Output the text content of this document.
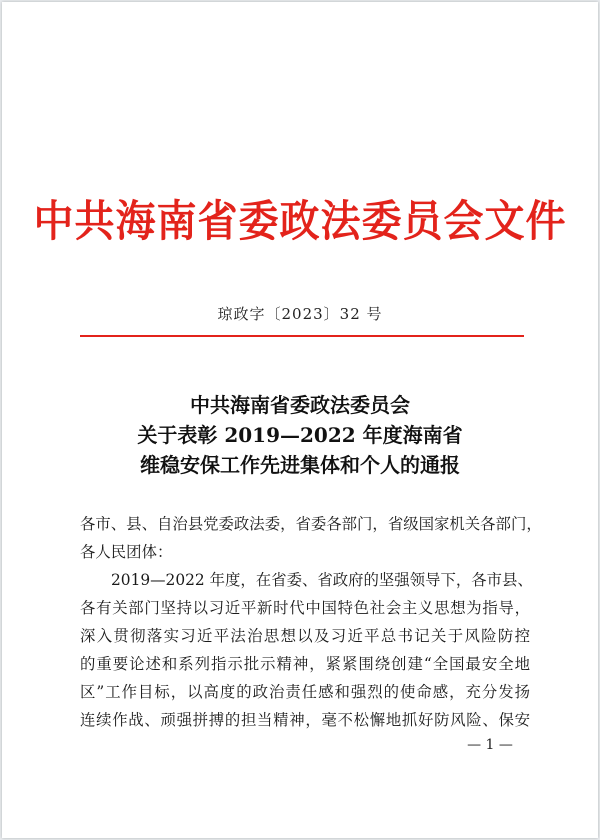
中共海南省委政法委员会文件
琼政字〔2023〕32 号
中共海南省委政法委员会
关于表彰 2019—2022 年度海南省
维稳安保工作先进集体和个人的通报
各市、县、自治县党委政法委，省委各部门，省级国家机关各部门，
各人民团体：
2019—2022 年度，在省委、省政府的坚强领导下，各市县、
各有关部门坚持以习近平新时代中国特色社会主义思想为指导，
深入贯彻落实习近平法治思想以及习近平总书记关于风险防控
的重要论述和系列指示批示精神，紧紧围绕创建“全国最安全地
区”工作目标，以高度的政治责任感和强烈的使命感，充分发扬
连续作战、顽强拼搏的担当精神，毫不松懈地抓好防风险、保安
— 1 —
